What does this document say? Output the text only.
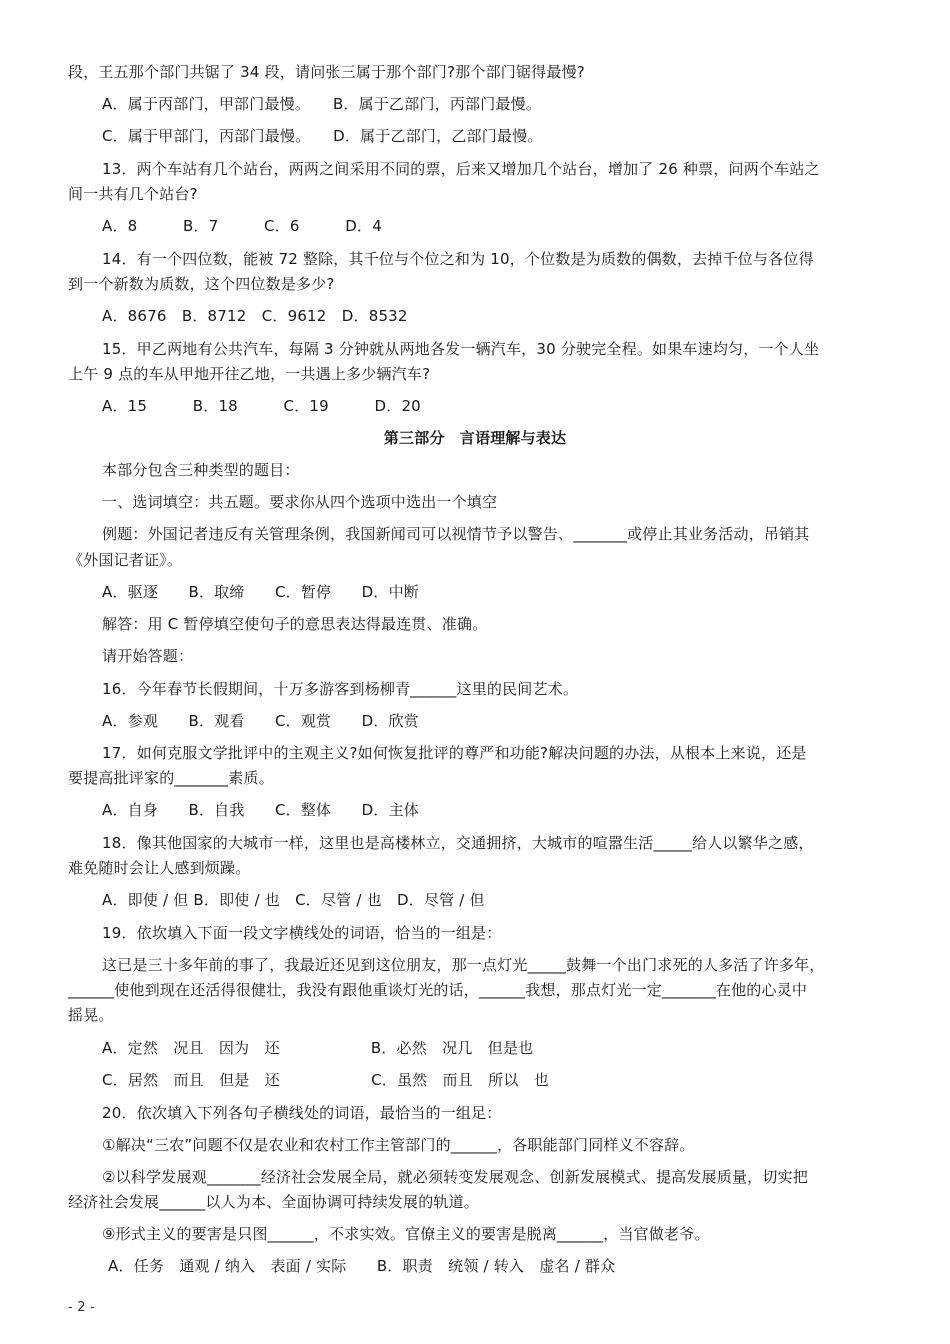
段，王五那个部门共锯了 34 段，请问张三属于那个部门?那个部门锯得最慢?
A．属于丙部门，甲部门最慢。　　B．属于乙部门，丙部门最慢。
C．属于甲部门，丙部门最慢。　　D．属于乙部门，乙部门最慢。
13．两个车站有几个站台，两两之间采用不同的票，后来又增加几个站台，增加了 26 种票，问两个车站之
间一共有几个站台?
A．8　　　B．7　　　C．6　　　D．4
14．有一个四位数，能被 72 整除，其千位与个位之和为 10，个位数是为质数的偶数，去掉千位与各位得
到一个新数为质数，这个四位数是多少?
A．8676　B．8712　C．9612　D．8532
15．甲乙两地有公共汽车，每隔 3 分钟就从两地各发一辆汽车，30 分驶完全程。如果车速均匀，一个人坐
上午 9 点的车从甲地开往乙地，一共遇上多少辆汽车?
A．15　　　B．18　　　C．19　　　D．20
第三部分　言语理解与表达
本部分包含三种类型的题目：
一、选词填空：共五题。要求你从四个选项中选出一个填空
例题：外国记者违反有关管理条例，我国新闻司可以视情节予以警告、_______或停止其业务活动，吊销其
《外国记者证》。
A．驱逐　　B．取缔　　C．暂停　　D．中断
解答：用 C 暂停填空使句子的意思表达得最连贯、准确。
请开始答题：
16．今年春节长假期间，十万多游客到杨柳青______这里的民间艺术。
A．参观　　B．观看　　C．观赏　　D．欣赏
17．如何克服文学批评中的主观主义?如何恢复批评的尊严和功能?解决问题的办法，从根本上来说，还是
要提高批评家的_______素质。
A．自身　　B．自我　　C．整体　　D．主体
18．像其他国家的大城市一样，这里也是高楼林立，交通拥挤，大城市的喧嚣生活_____给人以繁华之感，
难免随时会让人感到烦躁。
A．即使 / 但 B．即使 / 也　C．尽管 / 也　D．尽管 / 但
19．依坎填入下面一段文字横线处的词语，恰当的一组是：
这已是三十多年前的事了，我最近还见到这位朋友，那一点灯光_____鼓舞一个出门求死的人多活了许多年，
______使他到现在还活得很健壮，我没有跟他重谈灯光的话，______我想，那点灯光一定_______在他的心灵中
摇晃。
A．定然　况且　因为　还　　　　　　B．必然　况几　但是也
C．居然　而且　但是　还　　　　　　C．虽然　而且　所以　也
20．依次填入下列各句子横线处的词语，最恰当的一组足：
①解决“三农”问题不仅是农业和农村工作主管部门的______，各职能部门同样义不容辞。
②以科学发展观_______经济社会发展全局，就必须转变发展观念、创新发展模式、提高发展质量，切实把
经济社会发展______以人为本、全面协调可持续发展的轨道。
⑨形式主义的要害是只图______，不求实效。官僚主义的要害是脱离______，当官做老爷。
A．任务　通观 / 纳入　表面 / 实际　　B．职责　统领 / 转入　虚名 / 群众
- 2 -
